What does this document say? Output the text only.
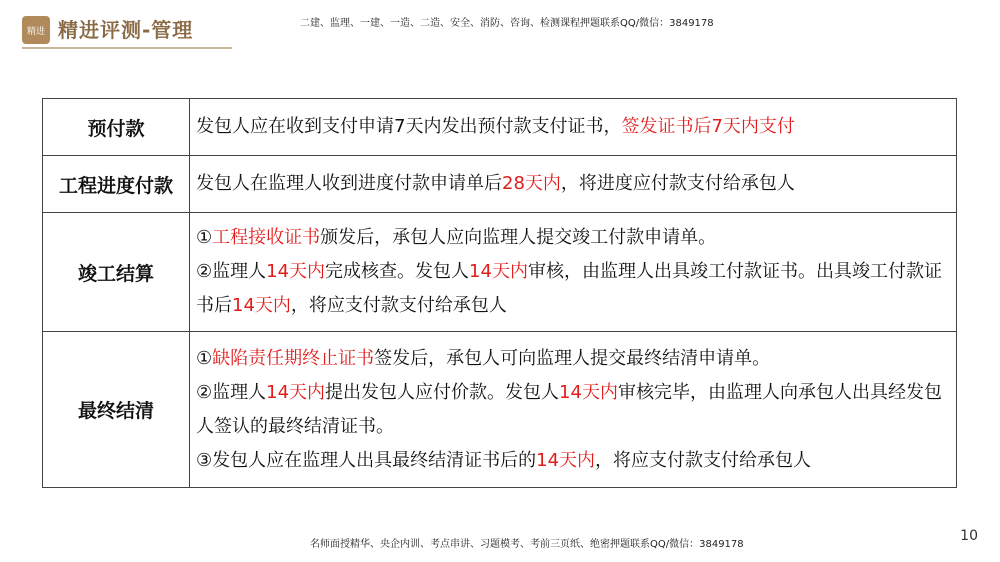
精进 精进评测-管理	二建、监理、一建、一造、二造、安全、消防、咨询、检测课程押题联系QQ/微信：3849178
预付款	发包人应在收到支付申请7天内发出预付款支付证书，签发证书后7天内支付

工程进度付款	发包人在监理人收到进度付款申请单后28天内，将进度应付款支付给承包人

竣工结算	①工程接收证书颁发后，承包人应向监理人提交竣工付款申请单。
②监理人14天内完成核查。发包人14天内审核，由监理人出具竣工付款证书。出具竣工付款证书后14天内，将应支付款支付给承包人

最终结清	①缺陷责任期终止证书签发后，承包人可向监理人提交最终结清申请单。
②监理人14天内提出发包人应付价款。发包人14天内审核完毕，由监理人向承包人出具经发包人签认的最终结清证书。
③发包人应在监理人出具最终结清证书后的14天内，将应支付款支付给承包人
名师面授精华、央企内训、考点串讲、习题模考、考前三页纸、绝密押题联系QQ/微信：3849178
10
